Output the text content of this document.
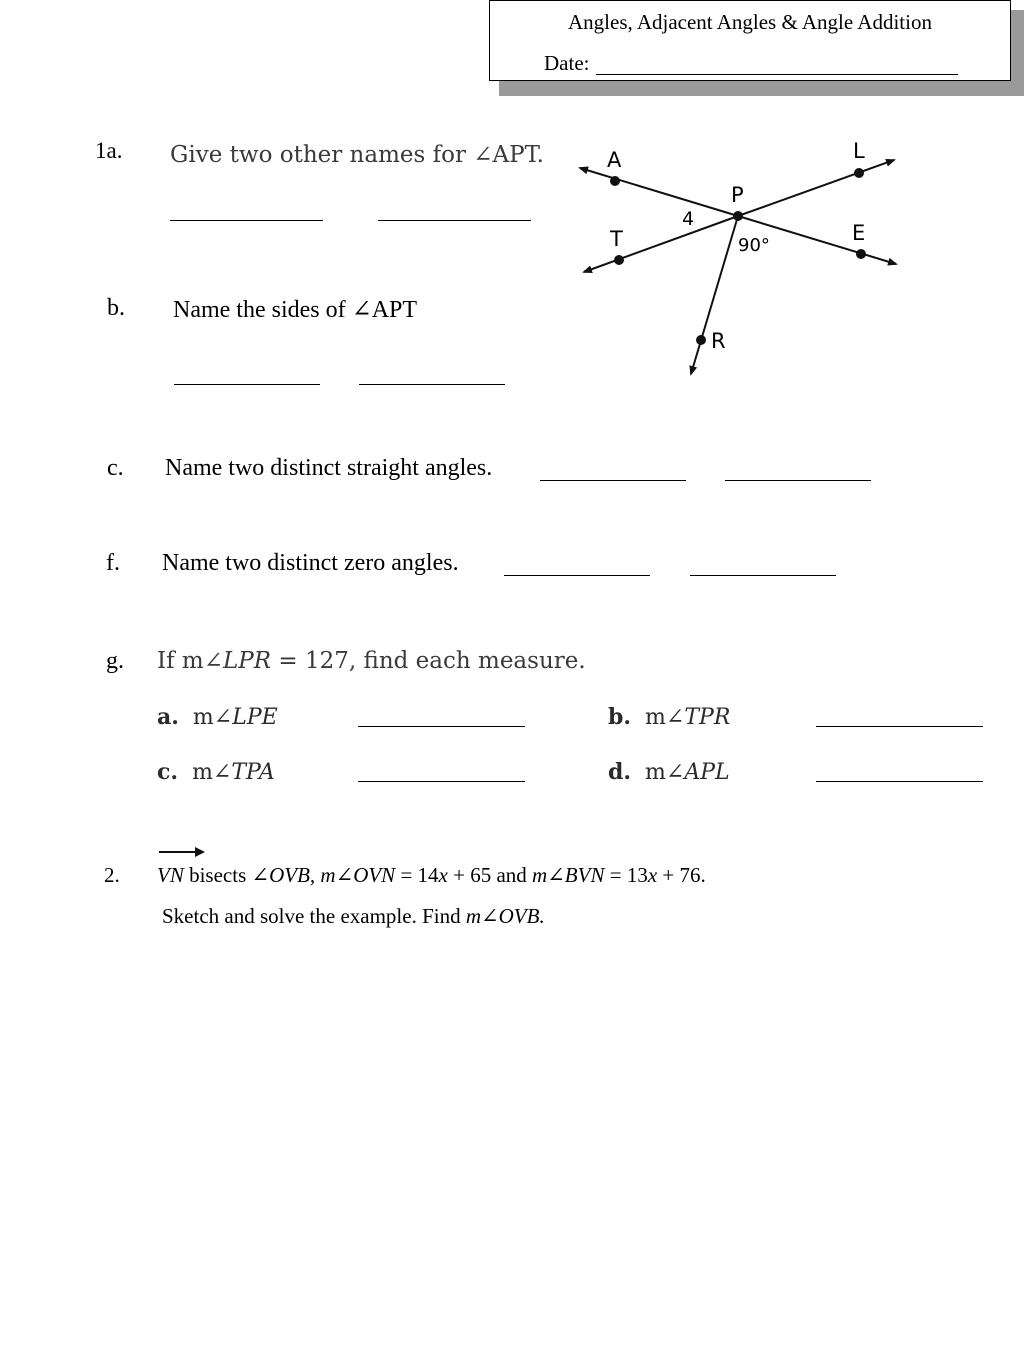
Angles, Adjacent Angles & Angle Addition
Date:
1a. Give two other names for ∠APT.
b. Name the sides of ∠APT
c. Name two distinct straight angles.
f. Name two distinct zero angles.
g. If m∠LPR = 127, find each measure.
a. m∠LPE	b. m∠TPR
c. m∠TPA	d. m∠APL
A	L
P
T	E
R
4
90°
2. VN bisects ∠OVB, m∠OVN = 14x + 65 and m∠BVN = 13x + 76.
Sketch and solve the example. Find m∠OVB.
